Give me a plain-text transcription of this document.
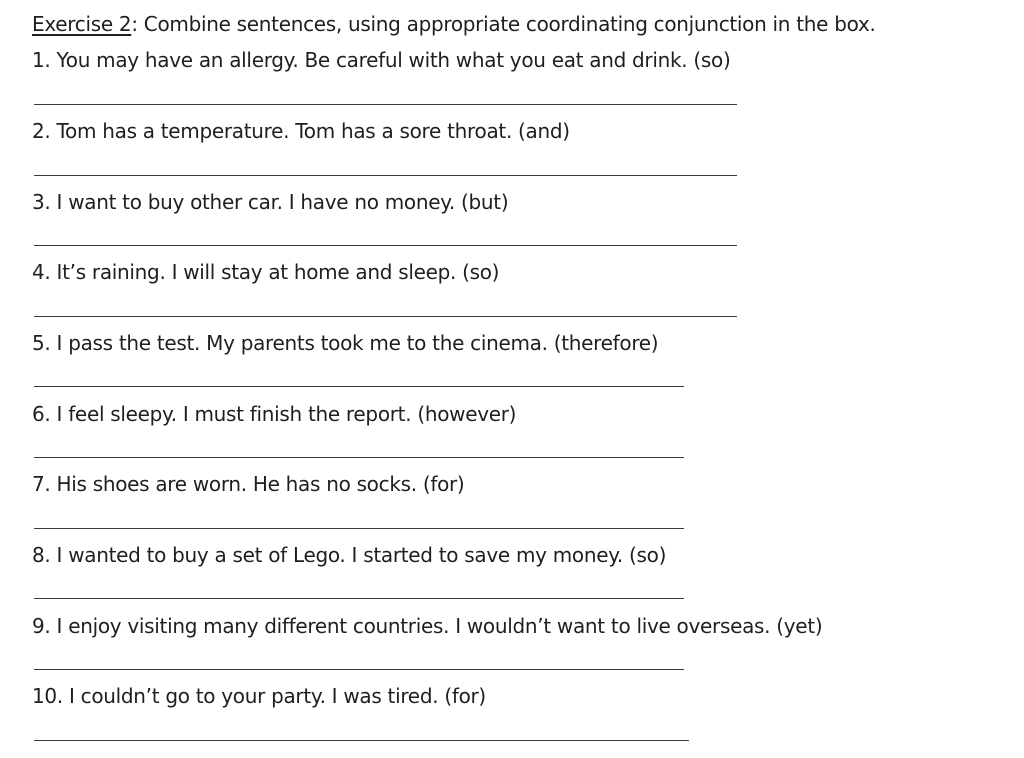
Exercise 2: Combine sentences, using appropriate coordinating conjunction in the box.
1. You may have an allergy. Be careful with what you eat and drink. (so)
2. Tom has a temperature. Tom has a sore throat. (and)
3. I want to buy other car. I have no money. (but)
4. It’s raining. I will stay at home and sleep. (so)
5. I pass the test. My parents took me to the cinema. (therefore)
6. I feel sleepy. I must finish the report. (however)
7. His shoes are worn. He has no socks. (for)
8. I wanted to buy a set of Lego. I started to save my money. (so)
9. I enjoy visiting many different countries. I wouldn’t want to live overseas. (yet)
10. I couldn’t go to your party. I was tired. (for)
